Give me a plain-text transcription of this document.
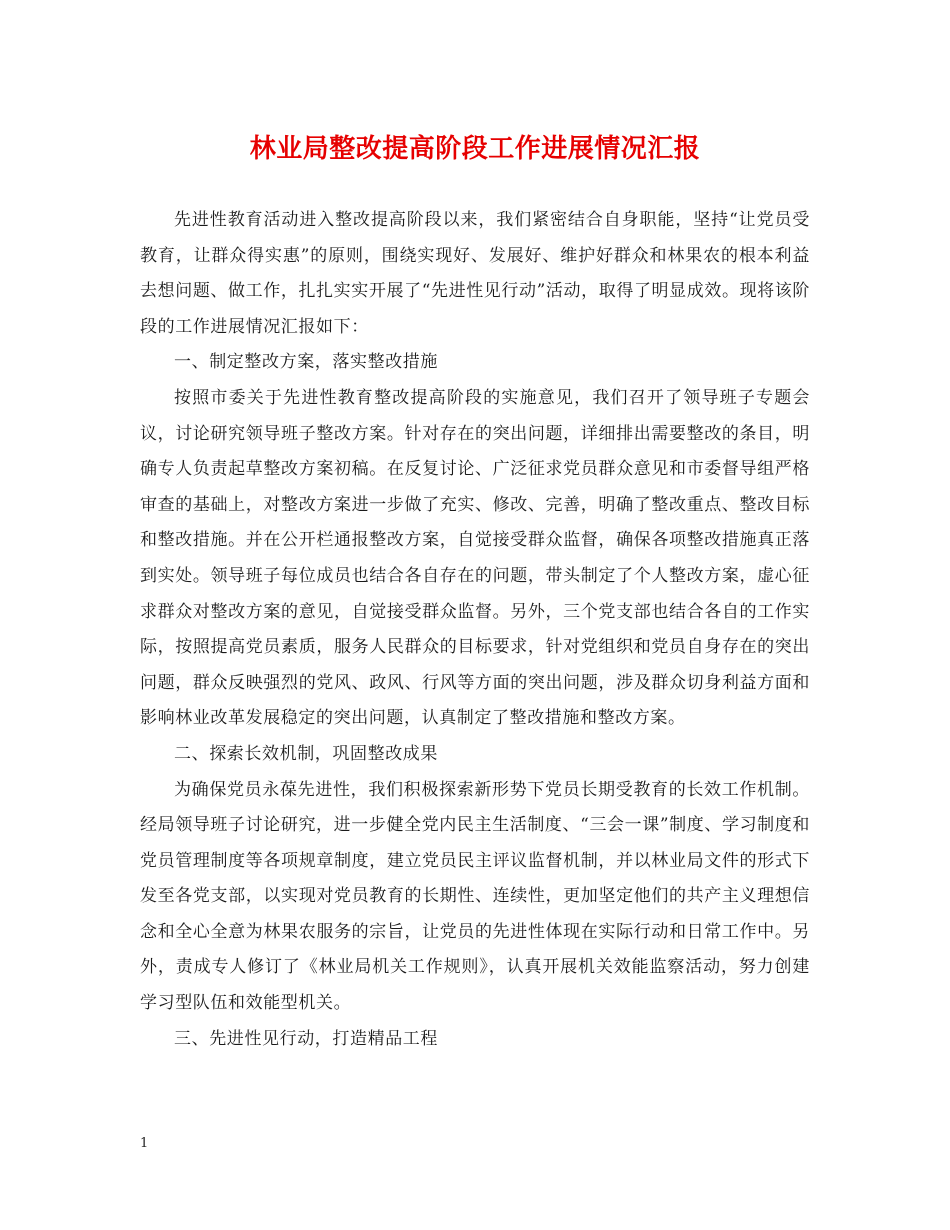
林业局整改提高阶段工作进展情况汇报

先进性教育活动进入整改提高阶段以来，我们紧密结合自身职能，坚持“让党员受教育，让群众得实惠”的原则，围绕实现好、发展好、维护好群众和林果农的根本利益去想问题、做工作，扎扎实实开展了“先进性见行动”活动，取得了明显成效。现将该阶段的工作进展情况汇报如下：

一、制定整改方案，落实整改措施

按照市委关于先进性教育整改提高阶段的实施意见，我们召开了领导班子专题会议，讨论研究领导班子整改方案。针对存在的突出问题，详细排出需要整改的条目，明确专人负责起草整改方案初稿。在反复讨论、广泛征求党员群众意见和市委督导组严格审查的基础上，对整改方案进一步做了充实、修改、完善，明确了整改重点、整改目标和整改措施。并在公开栏通报整改方案，自觉接受群众监督，确保各项整改措施真正落到实处。领导班子每位成员也结合各自存在的问题，带头制定了个人整改方案，虚心征求群众对整改方案的意见，自觉接受群众监督。另外，三个党支部也结合各自的工作实际，按照提高党员素质，服务人民群众的目标要求，针对党组织和党员自身存在的突出问题，群众反映强烈的党风、政风、行风等方面的突出问题，涉及群众切身利益方面和影响林业改革发展稳定的突出问题，认真制定了整改措施和整改方案。

二、探索长效机制，巩固整改成果

为确保党员永葆先进性，我们积极探索新形势下党员长期受教育的长效工作机制。经局领导班子讨论研究，进一步健全党内民主生活制度、“三会一课”制度、学习制度和党员管理制度等各项规章制度，建立党员民主评议监督机制，并以林业局文件的形式下发至各党支部，以实现对党员教育的长期性、连续性，更加坚定他们的共产主义理想信念和全心全意为林果农服务的宗旨，让党员的先进性体现在实际行动和日常工作中。另外，责成专人修订了《林业局机关工作规则》，认真开展机关效能监察活动，努力创建学习型队伍和效能型机关。

三、先进性见行动，打造精品工程

1
